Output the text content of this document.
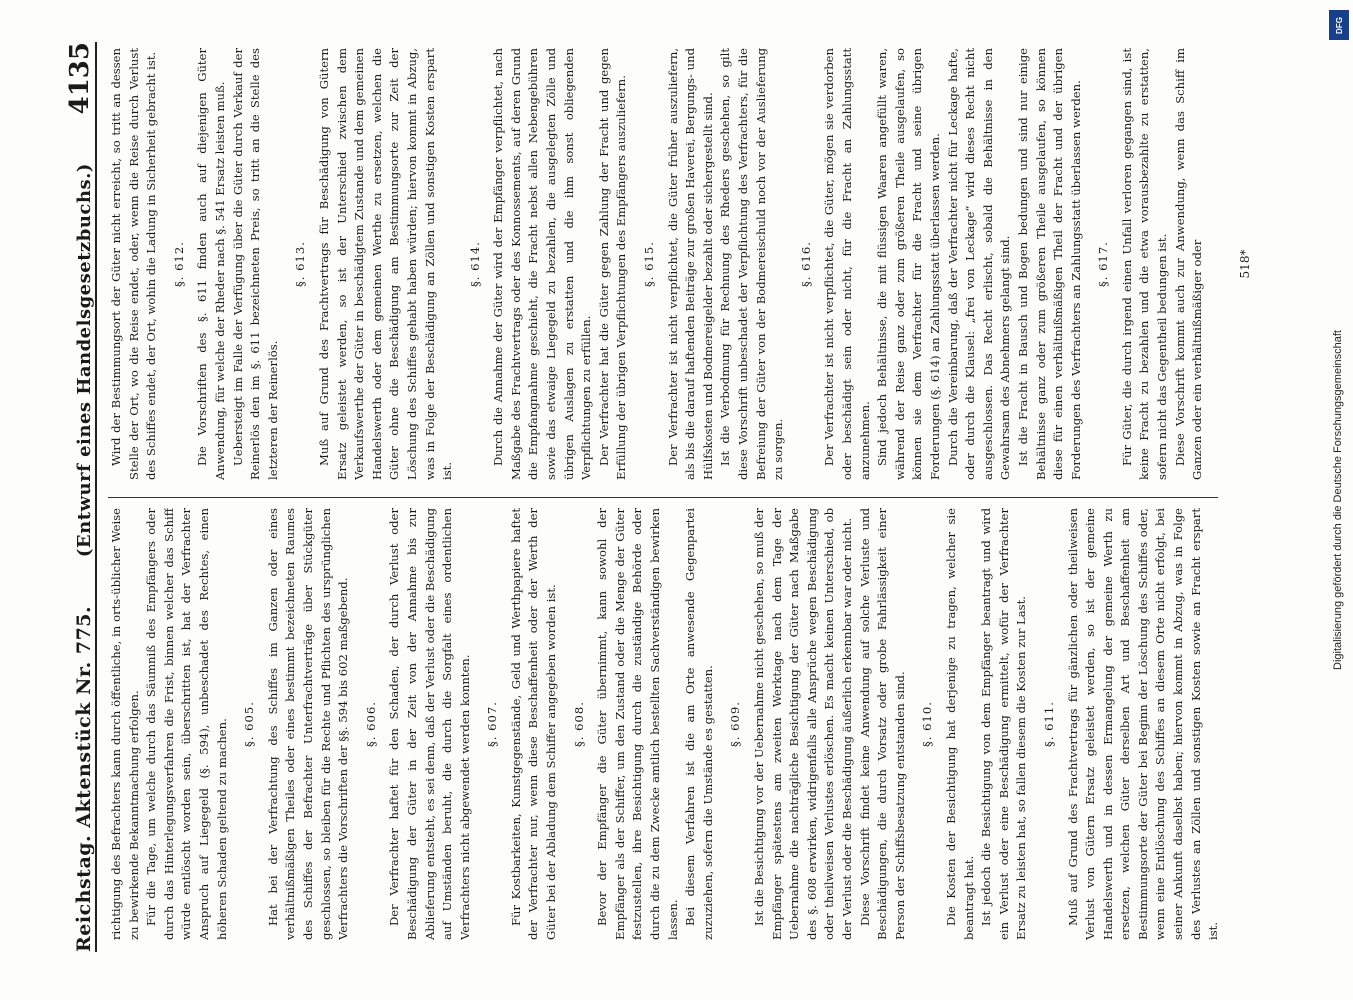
Reichstag. Aktenstück Nr. 775.
(Entwurf eines Handelsgesetzbuchs.)
4135

richtigung des Befrachters kann durch öffentliche, in orts-üblicher Weise zu bewirkende Bekanntmachung erfolgen. Für die Tage, um welche durch das Säumniß des Empfängers oder durch das Hinterlegungsverfahren die Frist, binnen welcher das Schiff würde entlöscht worden sein, überschritten ist, hat der Verfrachter Anspruch auf Liegegeld (§. 594), unbeschadet des Rechtes, einen höheren Schaden geltend zu machen. §. 605. Hat bei der Verfrachtung des Schiffes im Ganzen oder eines verhältnißmäßigen Theiles oder eines bestimmt bezeichneten Raumes des Schiffes der Befrachter Unterfrachtverträge über Stückgüter geschlossen, so bleiben für die Rechte und Pflichten des ursprünglichen Verfrachters die Vorschriften der §§. 594 bis 602 maßgebend. §. 606. Der Verfrachter haftet für den Schaden, der durch Verlust oder Beschädigung der Güter in der Zeit von der Annahme bis zur Ablieferung entsteht, es sei denn, daß der Verlust oder die Beschädigung auf Umständen beruht, die durch die Sorgfalt eines ordentlichen Verfrachters nicht abgewendet werden konnten. §. 607. Für Kostbarkeiten, Kunstgegenstände, Geld und Werthpapiere haftet der Verfrachter nur, wenn diese Beschaffenheit oder der Werth der Güter bei der Abladung dem Schiffer angegeben worden ist. §. 608. Bevor der Empfänger die Güter übernimmt, kann sowohl der Empfänger als der Schiffer, um den Zustand oder die Menge der Güter festzustellen, ihre Besichtigung durch die zuständige Behörde oder durch die zu dem Zwecke amtlich bestellten Sachverständigen bewirken lassen. Bei diesem Verfahren ist die am Orte anwesende Gegenpartei zuzuziehen, sofern die Umstände es gestatten. §. 609. Ist die Besichtigung vor der Uebernahme nicht geschehen, so muß der Empfänger spätestens am zweiten Werktage nach dem Tage der Uebernahme die nachträgliche Besichtigung der Güter nach Maßgabe des §. 608 erwirken, widrigenfalls alle Ansprüche wegen Beschädigung oder theilweisen Verlustes erlöschen. Es macht keinen Unterschied, ob der Verlust oder die Beschädigung äußerlich erkennbar war oder nicht. Diese Vorschrift findet keine Anwendung auf solche Verluste und Beschädigungen, die durch Vorsatz oder grobe Fahrlässigkeit einer Person der Schiffsbesatzung entstanden sind. §. 610. Die Kosten der Besichtigung hat derjenige zu tragen, welcher sie beantragt hat. Ist jedoch die Besichtigung von dem Empfänger beantragt und wird ein Verlust oder eine Beschädigung ermittelt, wofür der Verfrachter Ersatz zu leisten hat, so fallen diesem die Kosten zur Last. §. 611. Muß auf Grund des Frachtvertrags für gänzlichen oder theilweisen Verlust von Gütern Ersatz geleistet werden, so ist der gemeine Handelswerth und in dessen Ermangelung der gemeine Werth zu ersetzen, welchen Güter derselben Art und Beschaffenheit am Bestimmungsorte der Güter bei Beginn der Löschung des Schiffes oder, wenn eine Entlöschung des Schiffes an diesem Orte nicht erfolgt, bei seiner Ankunft daselbst haben; hiervon kommt in Abzug, was in Folge des Verlustes an Zöllen und sonstigen Kosten sowie an Fracht erspart ist.

Wird der Bestimmungsort der Güter nicht erreicht, so tritt an dessen Stelle der Ort, wo die Reise endet, oder, wenn die Reise durch Verlust des Schiffes endet, der Ort, wohin die Ladung in Sicherheit gebracht ist. §. 612. Die Vorschriften des §. 611 finden auch auf diejenigen Güter Anwendung, für welche der Rheder nach §. 541 Ersatz leisten muß. Uebersteigt im Falle der Verfügung über die Güter durch Verkauf der Reinerlös den im §. 611 bezeichneten Preis, so tritt an die Stelle des letzteren der Reinerlös.

§. 613. Muß auf Grund des Frachtvertrags für Beschädigung von Gütern Ersatz geleistet werden, so ist der Unterschied zwischen dem Verkaufswerthe der Güter in beschädigtem Zustande und dem gemeinen Handelswerth oder dem gemeinen Werthe zu ersetzen, welchen die Güter ohne die Beschädigung am Bestimmungsorte zur Zeit der Löschung des Schiffes gehabt haben würden; hiervon kommt in Abzug, was in Folge der Beschädigung an Zöllen und sonstigen Kosten erspart ist.

§. 614. Durch die Annahme der Güter wird der Empfänger verpflichtet, nach Maßgabe des Frachtvertrags oder des Konnossements, auf deren Grund die Empfangnahme geschieht, die Fracht nebst allen Nebengebühren sowie das etwaige Liegegeld zu bezahlen, die ausgelegten Zölle und übrigen Auslagen zu erstatten und die ihm sonst obliegenden Verpflichtungen zu erfüllen. Der Verfrachter hat die Güter gegen Zahlung der Fracht und gegen Erfüllung der übrigen Verpflichtungen des Empfängers auszuliefern. §. 615. Der Verfrachter ist nicht verpflichtet, die Güter früher auszuliefern, als bis die darauf haftenden Beiträge zur großen Haverei, Bergungs- und Hülfskosten und Bodmereigelder bezahlt oder sichergestellt sind. Ist die Verbodmung für Rechnung des Rheders geschehen, so gilt diese Vorschrift unbeschadet der Verpflichtung des Verfrachters, für die Befreiung der Güter von der Bodmereischuld noch vor der Auslieferung zu sorgen.

§. 616. Der Verfrachter ist nicht verpflichtet, die Güter, mögen sie verdorben oder beschädigt sein oder nicht, für die Fracht an Zahlungsstatt anzunehmen. Sind jedoch Behältnisse, die mit flüssigen Waaren angefüllt waren, während der Reise ganz oder zum größeren Theile ausgelaufen, so können sie dem Verfrachter für die Fracht und seine übrigen Forderungen (§. 614) an Zahlungsstatt überlassen werden. Durch die Vereinbarung, daß der Verfrachter nicht für Leckage hafte, oder durch die Klausel: „frei von Leckage“ wird dieses Recht nicht ausgeschlossen. Das Recht erlischt, sobald die Behältnisse in den Gewahrsam des Abnehmers gelangt sind. Ist die Fracht in Bausch und Bogen bedungen und sind nur einige Behältnisse ganz oder zum größeren Theile ausgelaufen, so können diese für einen verhältnißmäßigen Theil der Fracht und der übrigen Forderungen des Verfrachters an Zahlungsstatt überlassen werden. §. 617. Für Güter, die durch irgend einen Unfall verloren gegangen sind, ist keine Fracht zu bezahlen und die etwa vorausbezahlte zu erstatten, sofern nicht das Gegentheil bedungen ist. Diese Vorschrift kommt auch zur Anwendung, wenn das Schiff im Ganzen oder ein verhältnißmäßiger oder	518*
DFG
Digitalisierung gefördert durch die Deutsche Forschungsgemeinschaft
